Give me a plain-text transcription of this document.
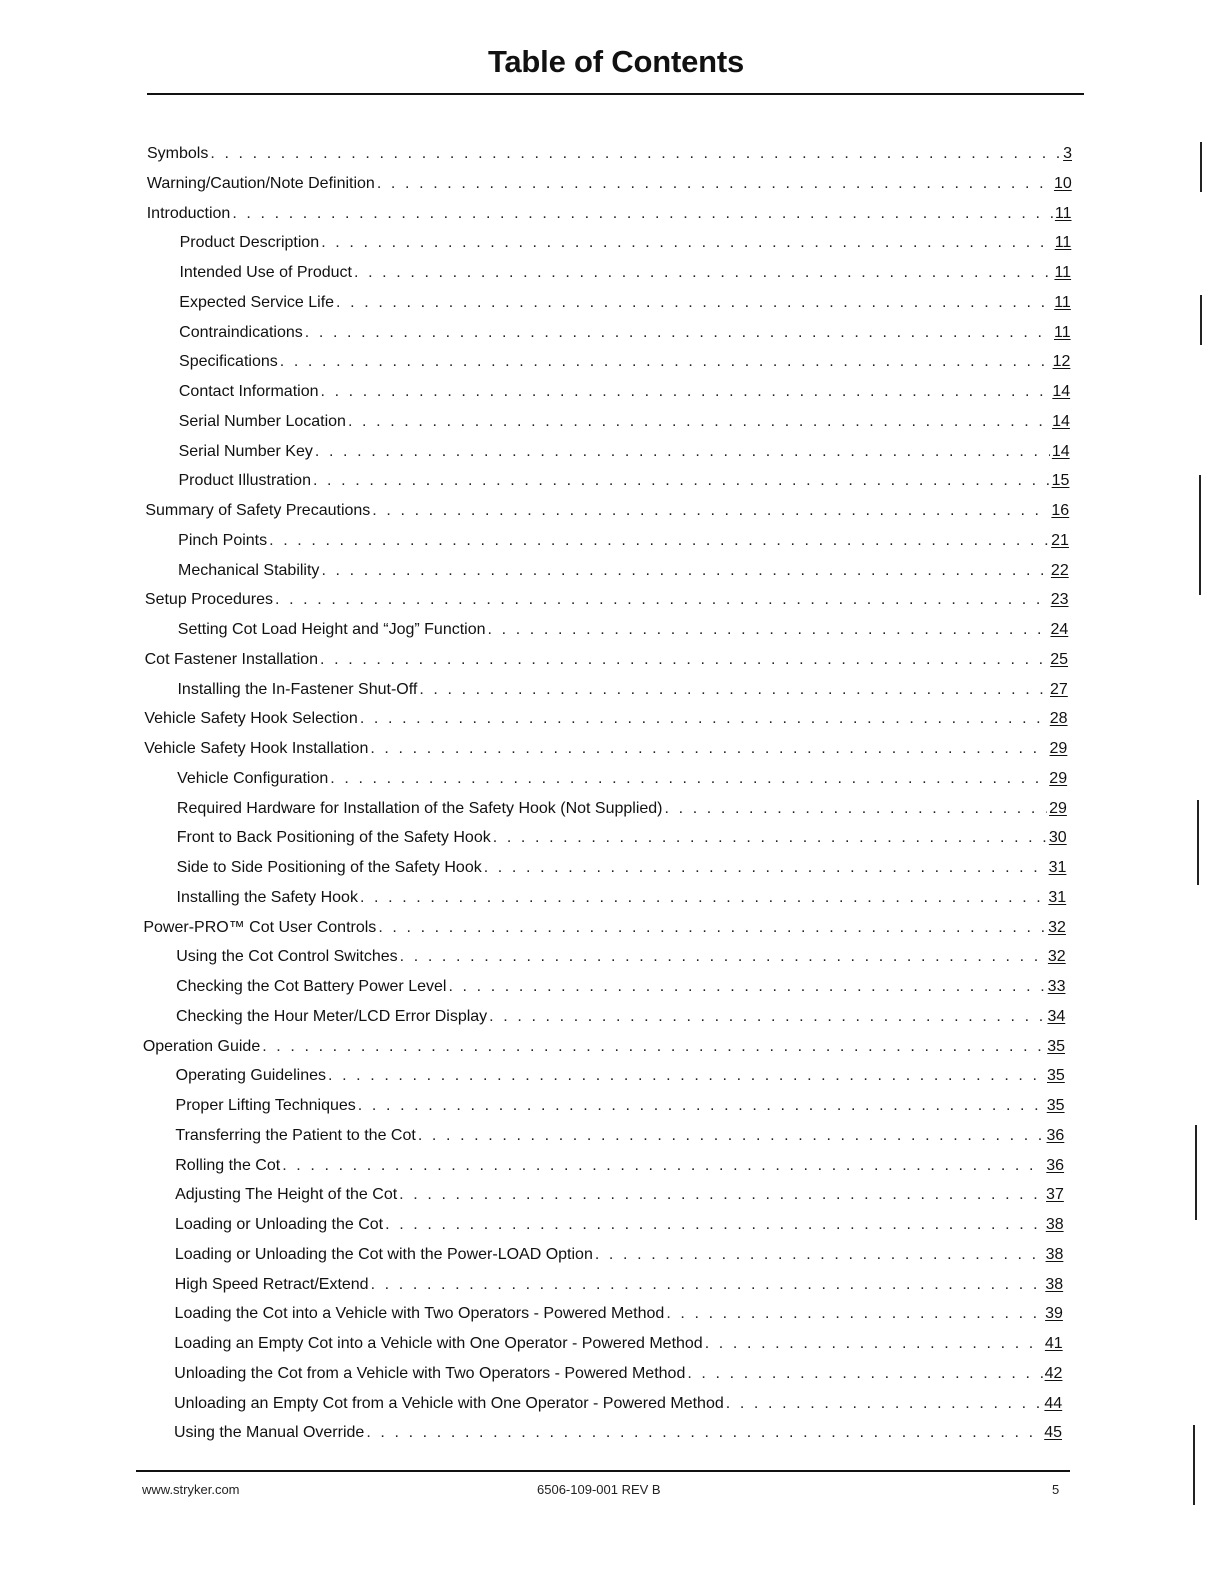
Table of Contents
Symbols . . .	3
Warning/Caution/Note Definition . . .	10
Introduction . . .	11
Product Description . . .	11
Intended Use of Product . . .	11
Expected Service Life . . .	11
Contraindications . . .	11
Specifications . . .	12
Contact Information . . .	14
Serial Number Location . . .	14
Serial Number Key . . .	14
Product Illustration . . .	15
Summary of Safety Precautions . . .	16
Pinch Points . . .	21
Mechanical Stability . . .	22
Setup Procedures . . .	23
Setting Cot Load Height and “Jog” Function . . .	24
Cot Fastener Installation . . .	25
Installing the In-Fastener Shut-Off . . .	27
Vehicle Safety Hook Selection . . .	28
Vehicle Safety Hook Installation . . .	29
Vehicle Configuration . . .	29
Required Hardware for Installation of the Safety Hook (Not Supplied) . . .	29
Front to Back Positioning of the Safety Hook . . .	30
Side to Side Positioning of the Safety Hook . . .	31
Installing the Safety Hook . . .	31
Power-PRO™ Cot User Controls . . .	32
Using the Cot Control Switches . . .	32
Checking the Cot Battery Power Level . . .	33
Checking the Hour Meter/LCD Error Display . . .	34
Operation Guide . . .	35
Operating Guidelines . . .	35
Proper Lifting Techniques . . .	35
Transferring the Patient to the Cot . . .	36
Rolling the Cot . . .	36
Adjusting The Height of the Cot . . .	37
Loading or Unloading the Cot . . .	38
Loading or Unloading the Cot with the Power-LOAD Option . . .	38
High Speed Retract/Extend . . .	38
Loading the Cot into a Vehicle with Two Operators - Powered Method . . .	39
Loading an Empty Cot into a Vehicle with One Operator - Powered Method . . .	41
Unloading the Cot from a Vehicle with Two Operators - Powered Method . . .	42
Unloading an Empty Cot from a Vehicle with One Operator - Powered Method . . .	44
Using the Manual Override . . .	45
www.stryker.com	6506-109-001 REV B	5
